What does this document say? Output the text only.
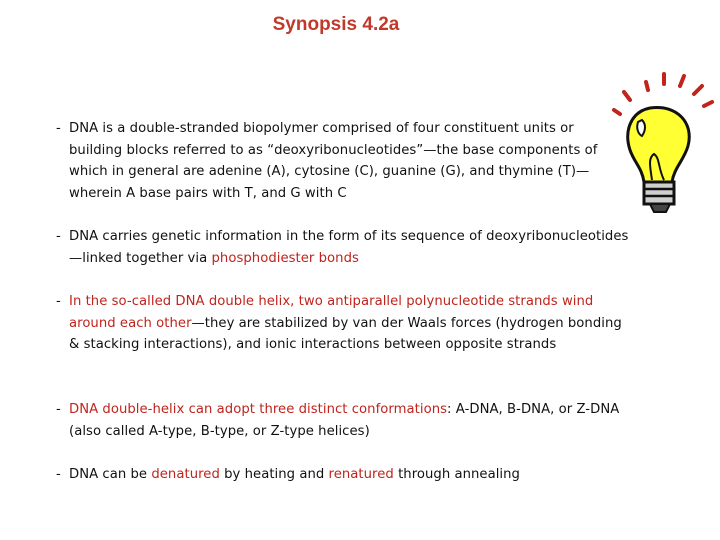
Synopsis 4.2a
- DNA is a double-stranded biopolymer comprised of four constituent units or building blocks referred to as “deoxyribonucleotides”—the base components of which in general are adenine (A), cytosine (C), guanine (G), and thymine (T)—wherein A base pairs with T, and G with C
- DNA carries genetic information in the form of its sequence of deoxyribonucleotides—linked together via phosphodiester bonds
- In the so-called DNA double helix, two antiparallel polynucleotide strands wind around each other—they are stabilized by van der Waals forces (hydrogen bonding & stacking interactions), and ionic interactions between opposite strands
- DNA double-helix can adopt three distinct conformations: A-DNA, B-DNA, or Z-DNA (also called A-type, B-type, or Z-type helices)
- DNA can be denatured by heating and renatured through annealing
